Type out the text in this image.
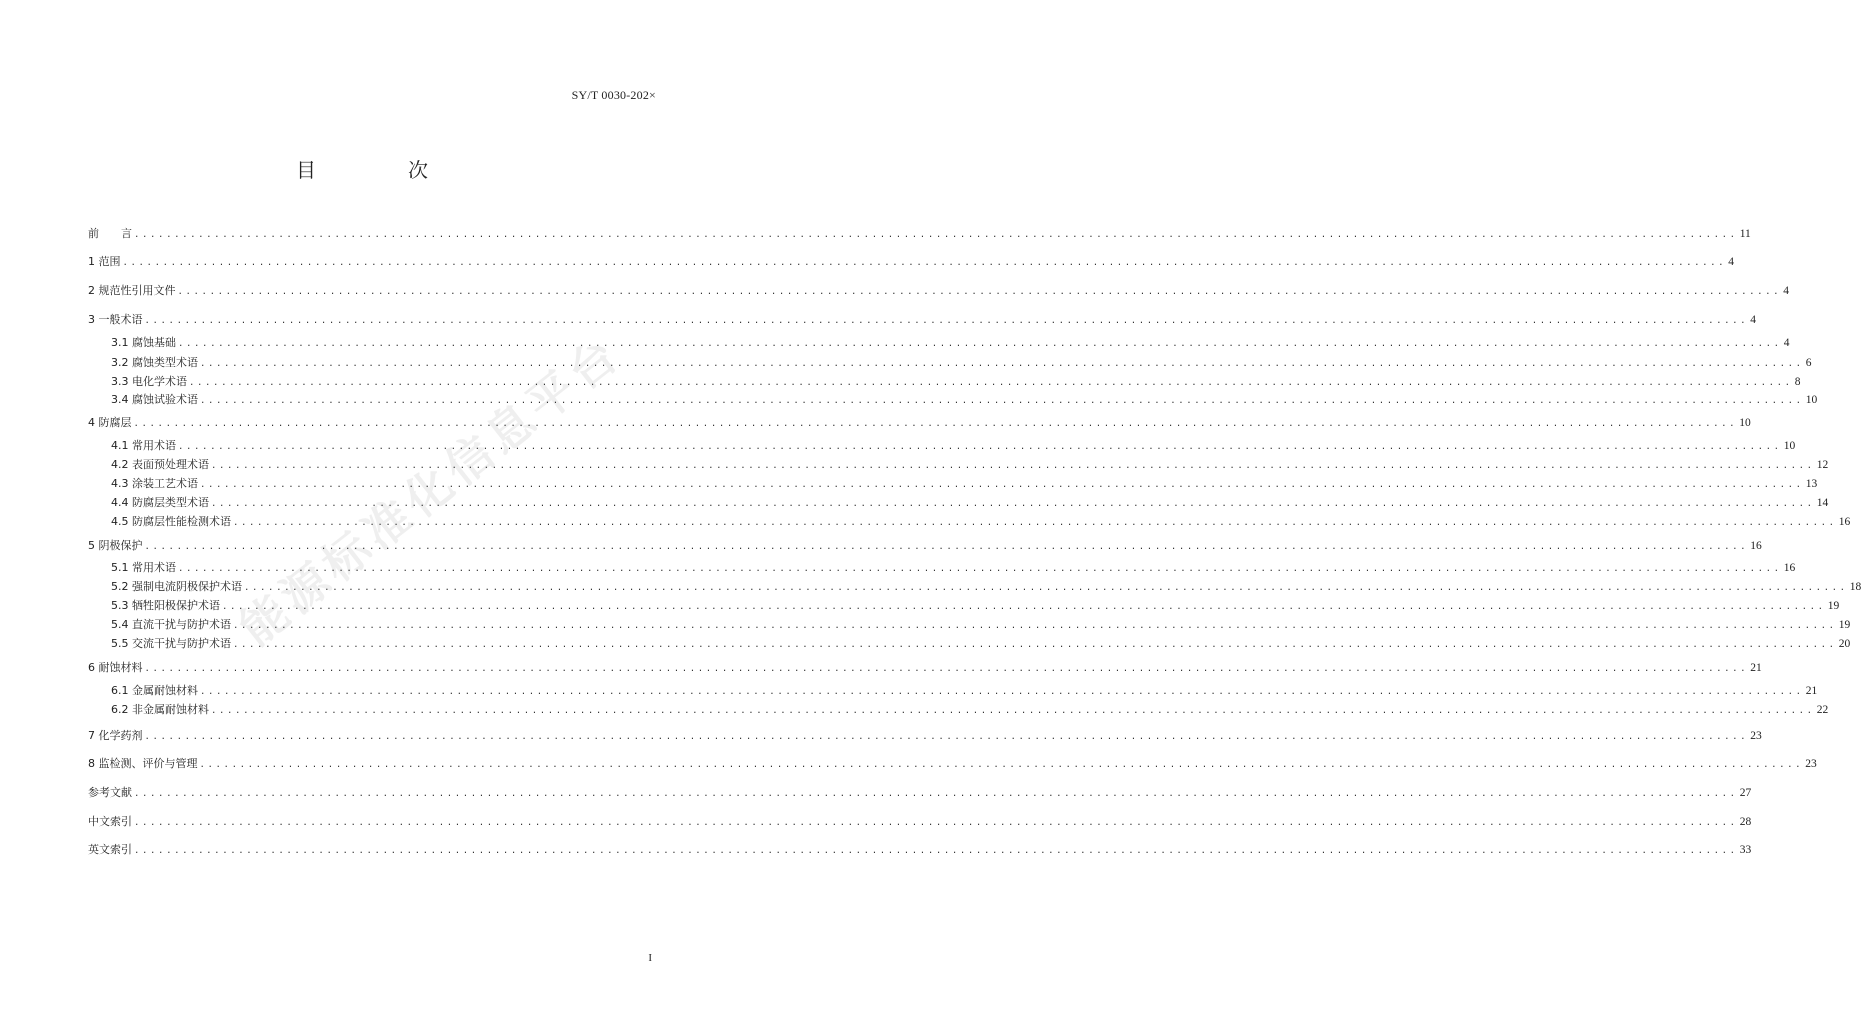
SY/T 0030-202×
目　次
能源标准化信息平台
前　　言 ........................................................................................................................................................................................................ 11
1 范围 ........................................................................................................................................................................................................ 4
2 规范性引用文件 ........................................................................................................................................................................................................ 4
3 一般术语 ........................................................................................................................................................................................................ 4
3.1 腐蚀基础 ........................................................................................................................................................................................................ 4
3.2 腐蚀类型术语 ........................................................................................................................................................................................................ 6
3.3 电化学术语 ........................................................................................................................................................................................................ 8
3.4 腐蚀试验术语 ........................................................................................................................................................................................................ 10
4 防腐层 ........................................................................................................................................................................................................ 10
4.1 常用术语 ........................................................................................................................................................................................................ 10
4.2 表面预处理术语 ........................................................................................................................................................................................................ 12
4.3 涂装工艺术语 ........................................................................................................................................................................................................ 13
4.4 防腐层类型术语 ........................................................................................................................................................................................................ 14
4.5 防腐层性能检测术语 ........................................................................................................................................................................................................ 16
5 阴极保护 ........................................................................................................................................................................................................ 16
5.1 常用术语 ........................................................................................................................................................................................................ 16
5.2 强制电流阴极保护术语 ........................................................................................................................................................................................................ 18
5.3 牺牲阳极保护术语 ........................................................................................................................................................................................................ 19
5.4 直流干扰与防护术语 ........................................................................................................................................................................................................ 19
5.5 交流干扰与防护术语 ........................................................................................................................................................................................................ 20
6 耐蚀材料 ........................................................................................................................................................................................................ 21
6.1 金属耐蚀材料 ........................................................................................................................................................................................................ 21
6.2 非金属耐蚀材料 ........................................................................................................................................................................................................ 22
7 化学药剂 ........................................................................................................................................................................................................ 23
8 监检测、评价与管理 ........................................................................................................................................................................................................ 23
参考文献 ........................................................................................................................................................................................................ 27
中文索引 ........................................................................................................................................................................................................ 28
英文索引 ........................................................................................................................................................................................................ 33
I
